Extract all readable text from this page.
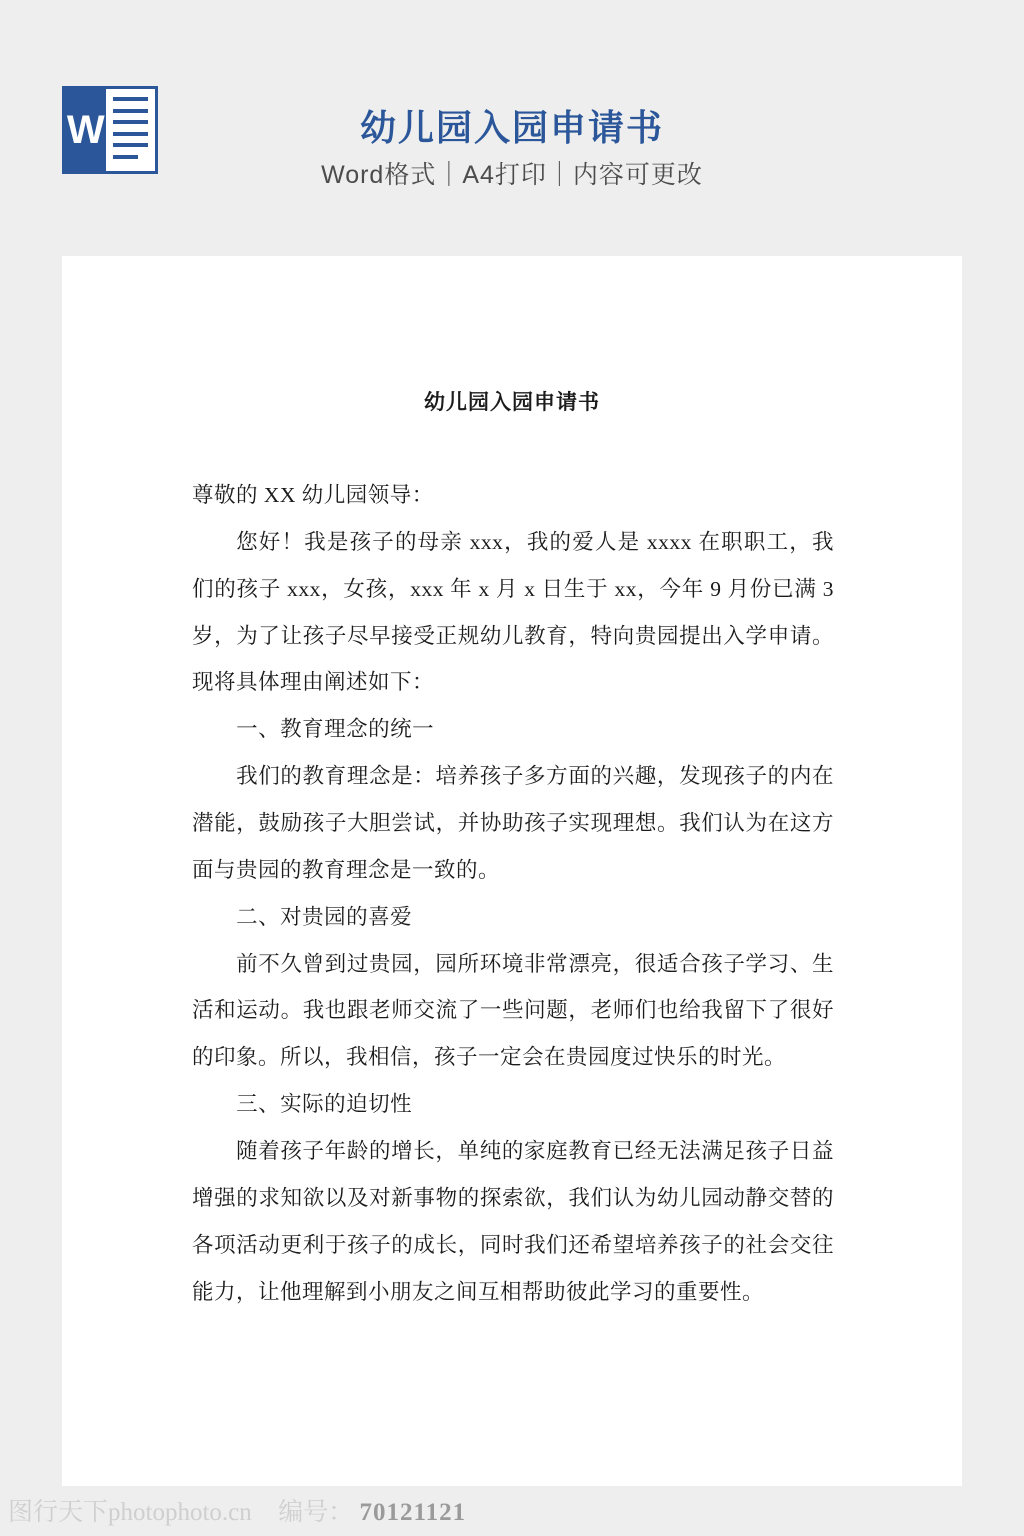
W	幼儿园入园申请书
Word格式｜A4打印｜内容可更改
幼儿园入园申请书

尊敬的 XX 幼儿园领导：

您好！我是孩子的母亲 xxx，我的爱人是 xxxx 在职职工，我们的孩子 xxx，女孩，xxx 年 x 月 x 日生于 xx，今年 9 月份已满 3 岁，为了让孩子尽早接受正规幼儿教育，特向贵园提出入学申请。现将具体理由阐述如下：

一、教育理念的统一

我们的教育理念是：培养孩子多方面的兴趣，发现孩子的内在潜能，鼓励孩子大胆尝试，并协助孩子实现理想。我们认为在这方面与贵园的教育理念是一致的。

二、对贵园的喜爱

前不久曾到过贵园，园所环境非常漂亮，很适合孩子学习、生活和运动。我也跟老师交流了一些问题，老师们也给我留下了很好的印象。所以，我相信，孩子一定会在贵园度过快乐的时光。

三、实际的迫切性

随着孩子年龄的增长，单纯的家庭教育已经无法满足孩子日益增强的求知欲以及对新事物的探索欲，我们认为幼儿园动静交替的各项活动更利于孩子的成长，同时我们还希望培养孩子的社会交往能力，让他理解到小朋友之间互相帮助彼此学习的重要性。

图行天下photophoto.cn 编号： 70121121
